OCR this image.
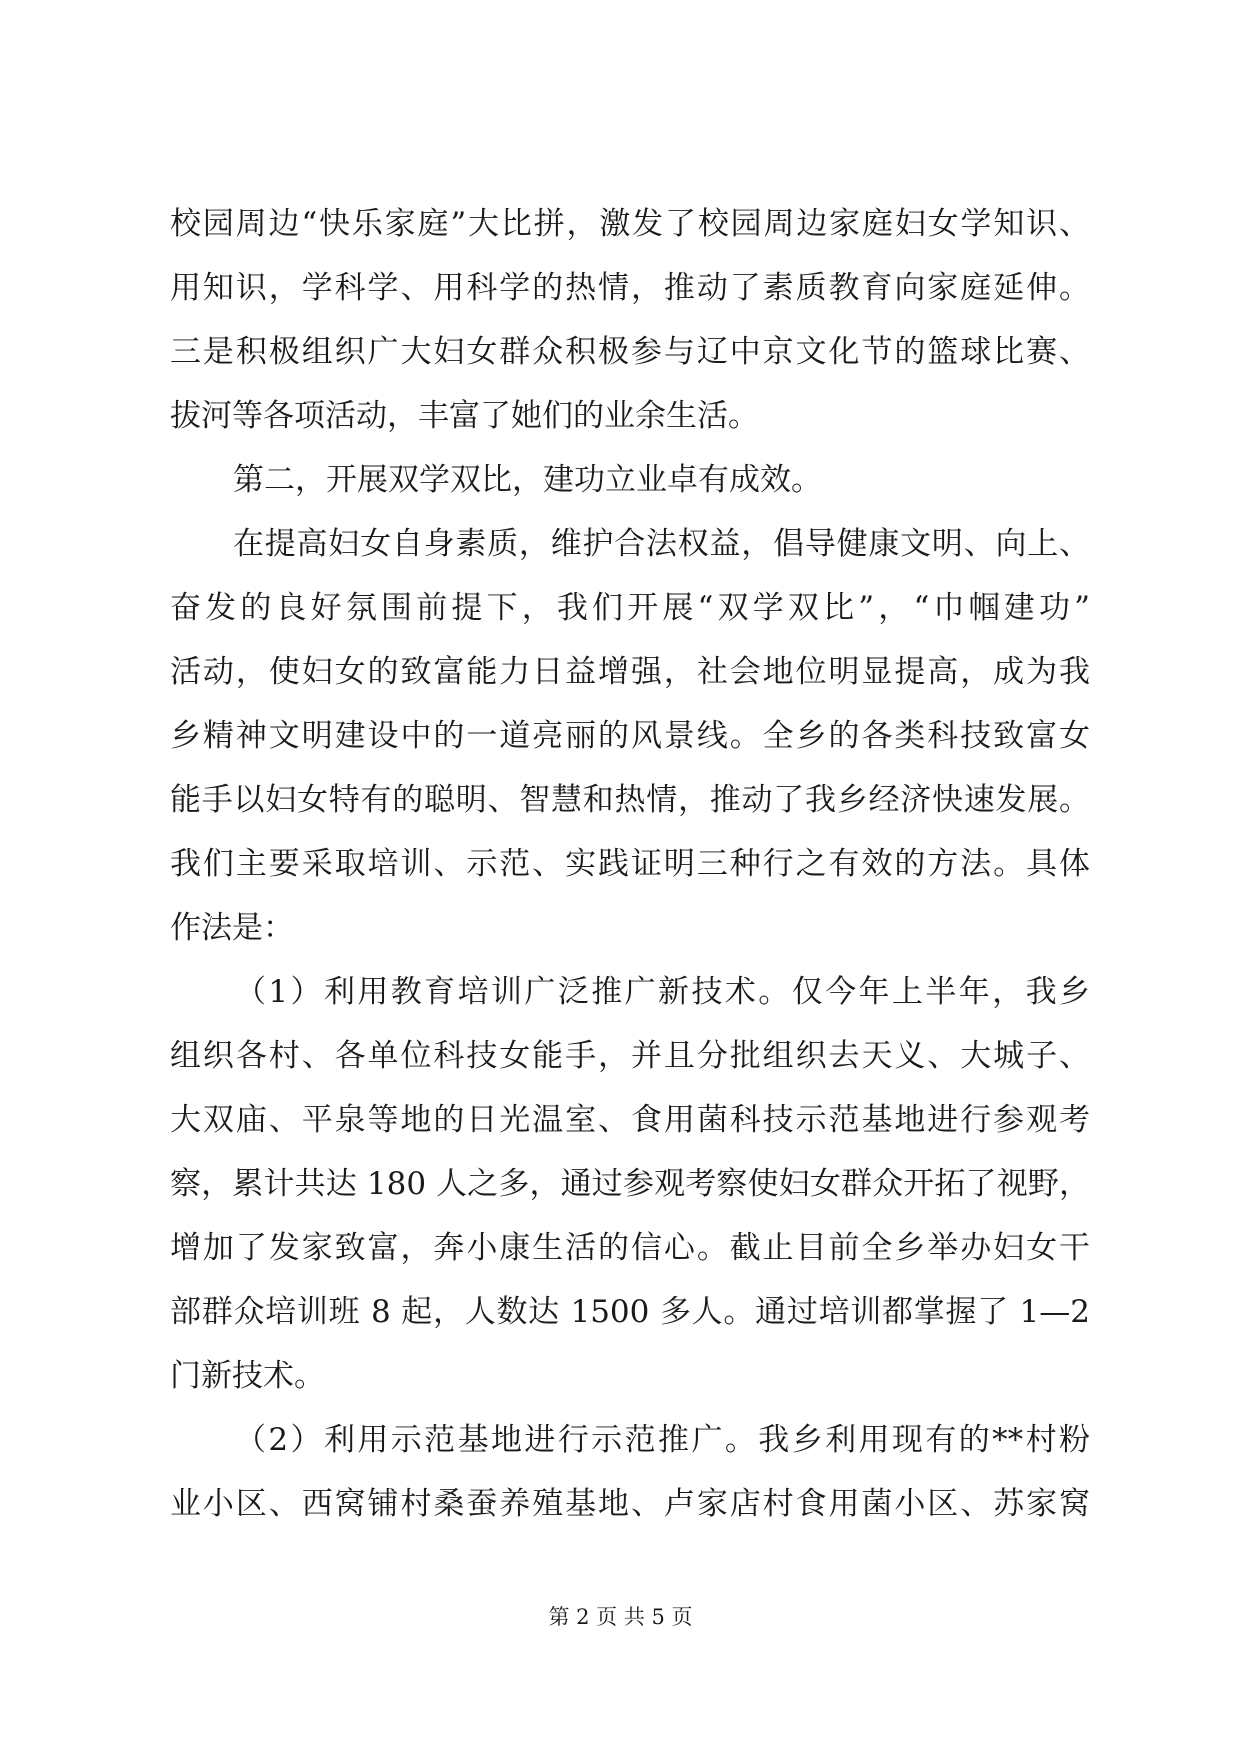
校园周边“快乐家庭”大比拼，激发了校园周边家庭妇女学知识、
用知识，学科学、用科学的热情，推动了素质教育向家庭延伸。
三是积极组织广大妇女群众积极参与辽中京文化节的篮球比赛、
拔河等各项活动，丰富了她们的业余生活。
第二，开展双学双比，建功立业卓有成效。
在提高妇女自身素质，维护合法权益，倡导健康文明、向上、
奋发的良好氛围前提下，我们开展“双学双比”，“巾帼建功”
活动，使妇女的致富能力日益增强，社会地位明显提高，成为我
乡精神文明建设中的一道亮丽的风景线。全乡的各类科技致富女
能手以妇女特有的聪明、智慧和热情，推动了我乡经济快速发展。
我们主要采取培训、示范、实践证明三种行之有效的方法。具体
作法是：
（1）利用教育培训广泛推广新技术。仅今年上半年，我乡
组织各村、各单位科技女能手，并且分批组织去天义、大城子、
大双庙、平泉等地的日光温室、食用菌科技示范基地进行参观考
察，累计共达 180 人之多，通过参观考察使妇女群众开拓了视野，
增加了发家致富，奔小康生活的信心。截止目前全乡举办妇女干
部群众培训班 8 起，人数达 1500 多人。通过培训都掌握了 1—2
门新技术。
（2）利用示范基地进行示范推广。我乡利用现有的**村粉
业小区、西窝铺村桑蚕养殖基地、卢家店村食用菌小区、苏家窝
第 2 页 共 5 页
